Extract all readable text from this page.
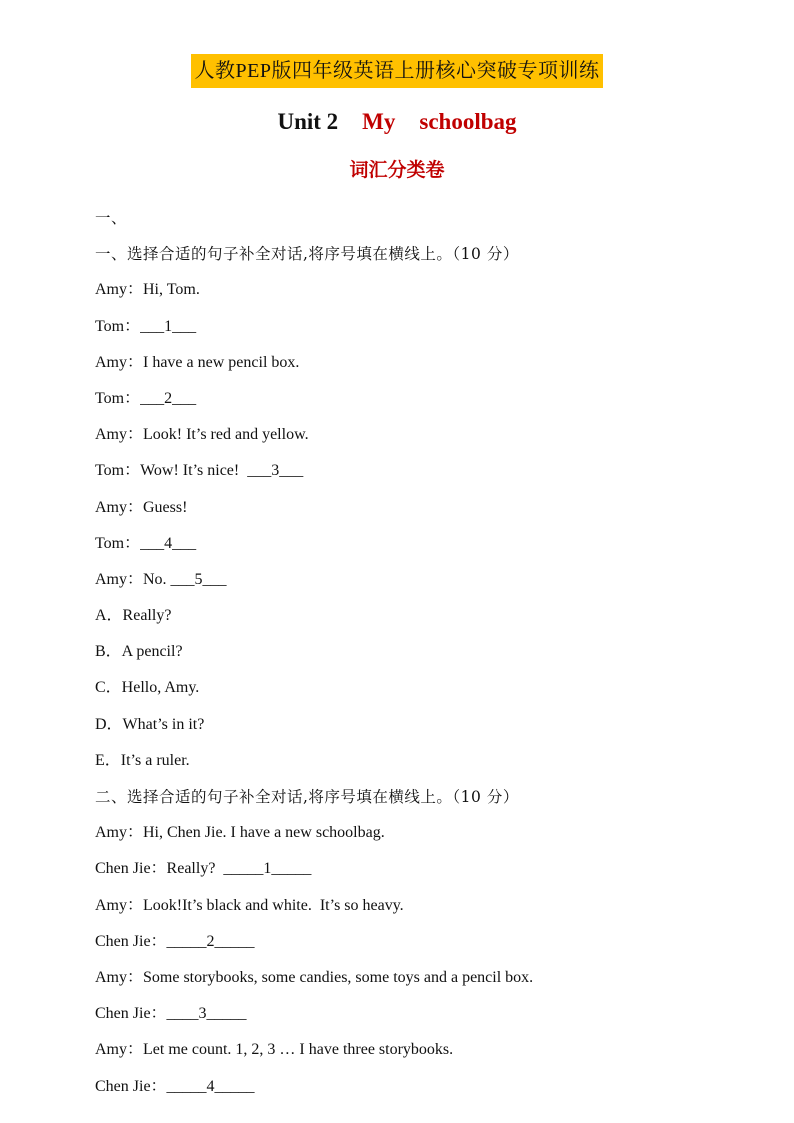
人教PEP版四年级英语上册核心突破专项训练
Unit 2 My schoolbag
词汇分类卷
一、
一、选择合适的句子补全对话,将序号填在横线上。（10 分）
Amy：Hi, Tom.
Tom：___1___
Amy：I have a new pencil box.
Tom：___2___
Amy：Look! It’s red and yellow.
Tom：Wow! It’s nice!  ___3___
Amy：Guess!
Tom：___4___
Amy：No. ___5___
A．Really?
B．A pencil?
C．Hello, Amy.
D．What’s in it?
E．It’s a ruler.
二、选择合适的句子补全对话,将序号填在横线上。（10 分）
Amy：Hi, Chen Jie. I have a new schoolbag.
Chen Jie：Really?  _____1_____
Amy：Look!It’s black and white.  It’s so heavy.
Chen Jie：_____2_____
Amy：Some storybooks, some candies, some toys and a pencil box.
Chen Jie：____3_____
Amy：Let me count. 1, 2, 3 … I have three storybooks.
Chen Jie：_____4_____
